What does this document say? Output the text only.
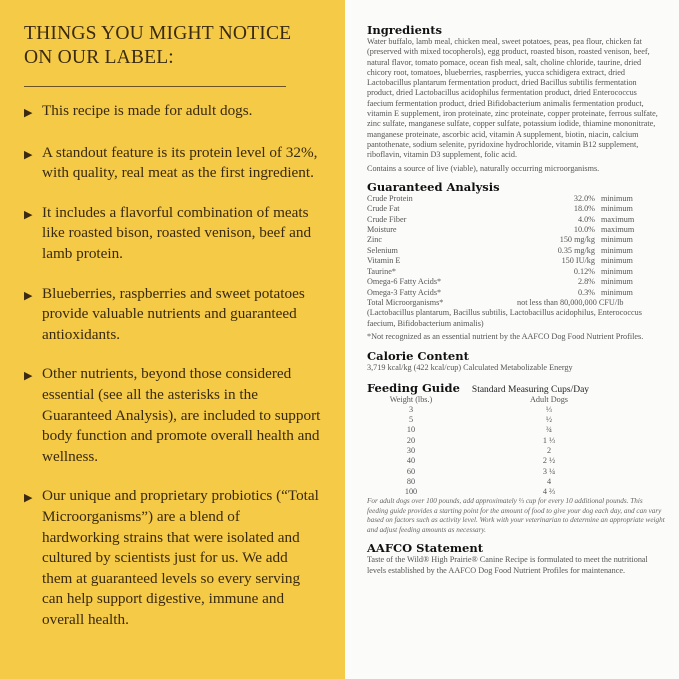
THINGS YOU MIGHT NOTICE ON OUR LABEL:
▶ This recipe is made for adult dogs.
▶ A standout feature is its protein level of 32%, with quality, real meat as the first ingredient.
▶ It includes a flavorful combination of meats like roasted bison, roasted venison, beef and lamb protein.
▶ Blueberries, raspberries and sweet potatoes provide valuable nutrients and guaranteed antioxidants.
▶ Other nutrients, beyond those considered essential (see all the asterisks in the Guaranteed Analysis), are included to support body function and promote overall health and wellness.
▶ Our unique and proprietary probiotics (“Total Microorganisms”) are a blend of hardworking strains that were isolated and cultured by scientists just for us. We add them at guaranteed levels so every serving can help support digestive, immune and overall health.
Ingredients
Water buffalo, lamb meal, chicken meal, sweet potatoes, peas, pea flour, chicken fat (preserved with mixed tocopherols), egg product, roasted bison, roasted venison, beef, natural flavor, tomato pomace, ocean fish meal, salt, choline chloride, taurine, dried chicory root, tomatoes, blueberries, raspberries, yucca schidigera extract, dried Lactobacillus plantarum fermentation product, dried Bacillus subtilis fermentation product, dried Lactobacillus acidophilus fermentation product, dried Enterococcus faecium fermentation product, dried Bifidobacterium animalis fermentation product, vitamin E supplement, iron proteinate, zinc proteinate, copper proteinate, ferrous sulfate, zinc sulfate, manganese sulfate, copper sulfate, potassium iodide, thiamine mononitrate, manganese proteinate, ascorbic acid, vitamin A supplement, biotin, niacin, calcium pantothenate, sodium selenite, pyridoxine hydrochloride, vitamin B12 supplement, riboflavin, vitamin D3 supplement, folic acid.
Contains a source of live (viable), naturally occurring microorganisms.
Guaranteed Analysis
Crude Protein	32.0% minimum
Crude Fat	18.0% minimum
Crude Fiber	4.0% maximum
Moisture	10.0% maximum
Zinc	150 mg/kg minimum
Selenium	0.35 mg/kg minimum
Vitamin E	150 IU/kg minimum
Taurine*	0.12% minimum
Omega-6 Fatty Acids*	2.8% minimum
Omega-3 Fatty Acids*	0.3% minimum
Total Microorganisms*	not less than 80,000,000 CFU/lb
(Lactobacillus plantarum, Bacillus subtilis, Lactobacillus acidophilus, Enterococcus faecium, Bifidobacterium animalis)
*Not recognized as an essential nutrient by the AAFCO Dog Food Nutrient Profiles.
Calorie Content
3,719 kcal/kg (422 kcal/cup) Calculated Metabolizable Energy
Feeding Guide Standard Measuring Cups/Day
Weight (lbs.)	Adult Dogs
3	⅓
5	½
10	¾
20	1 ⅓
30	2
40	2 ½
60	3 ¼
80	4
100	4 ⅔
For adult dogs over 100 pounds, add approximately ⅓ cup for every 10 additional pounds. This feeding guide provides a starting point for the amount of food to give your dog each day, and can vary based on factors such as activity level. Work with your veterinarian to determine an appropriate weight and adjust feeding amounts as necessary.
AAFCO Statement
Taste of the Wild® High Prairie® Canine Recipe is formulated to meet the nutritional levels established by the AAFCO Dog Food Nutrient Profiles for maintenance.
